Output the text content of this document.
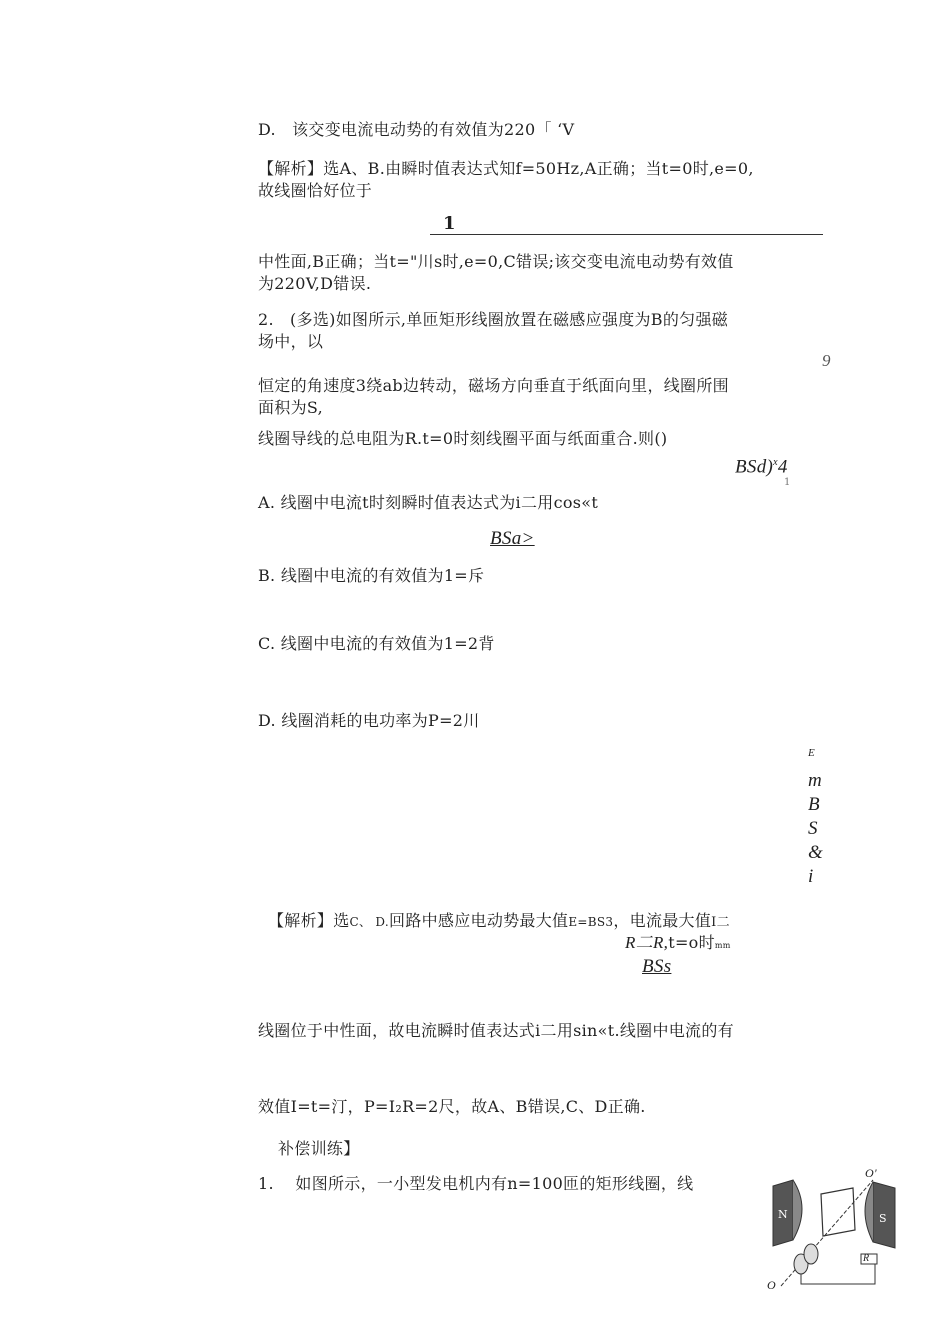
D.   该交变电流电动势的有效值为220「 ‘V
【解析】选A、B.由瞬时值表达式知f=50Hz,A正确；当t=0时,e=0,
故线圈恰好位于
1
中性面,B正确；当t="川s时,e=0,C错误;该交变电流电动势有效值
为220V,D错误.
2.   (多选)如图所示,单匝矩形线圈放置在磁感应强度为B的匀强磁
场中，以
9
恒定的角速度3绕ab边转动，磁场方向垂直于纸面向里，线圈所围
面积为S,
线圈导线的总电阻为R.t=0时刻线圈平面与纸面重合.则()
BSd)$^x$4
1
A. 线圈中电流t时刻瞬时值表达式为i二用cos«t
BSa>
B. 线圈中电流的有效值为1=斥
C. 线圈中电流的有效值为1=2背
D. 线圈消耗的电功率为P=2川
E
m
B
S
&
i
【解析】选C、 D.回路中感应电动势最大值E=BS3，电流最大值I二
R二R,t=o时mm
BSs
线圈位于中性面，故电流瞬时值表达式i二用sin«t.线圈中电流的有
效值I=t=汀，P=I₂R=2尺，故A、B错误,C、D正确.
补偿训练】
1.    如图所示，一小型发电机内有n=100匝的矩形线圈，线
N	S
O'
O
R
